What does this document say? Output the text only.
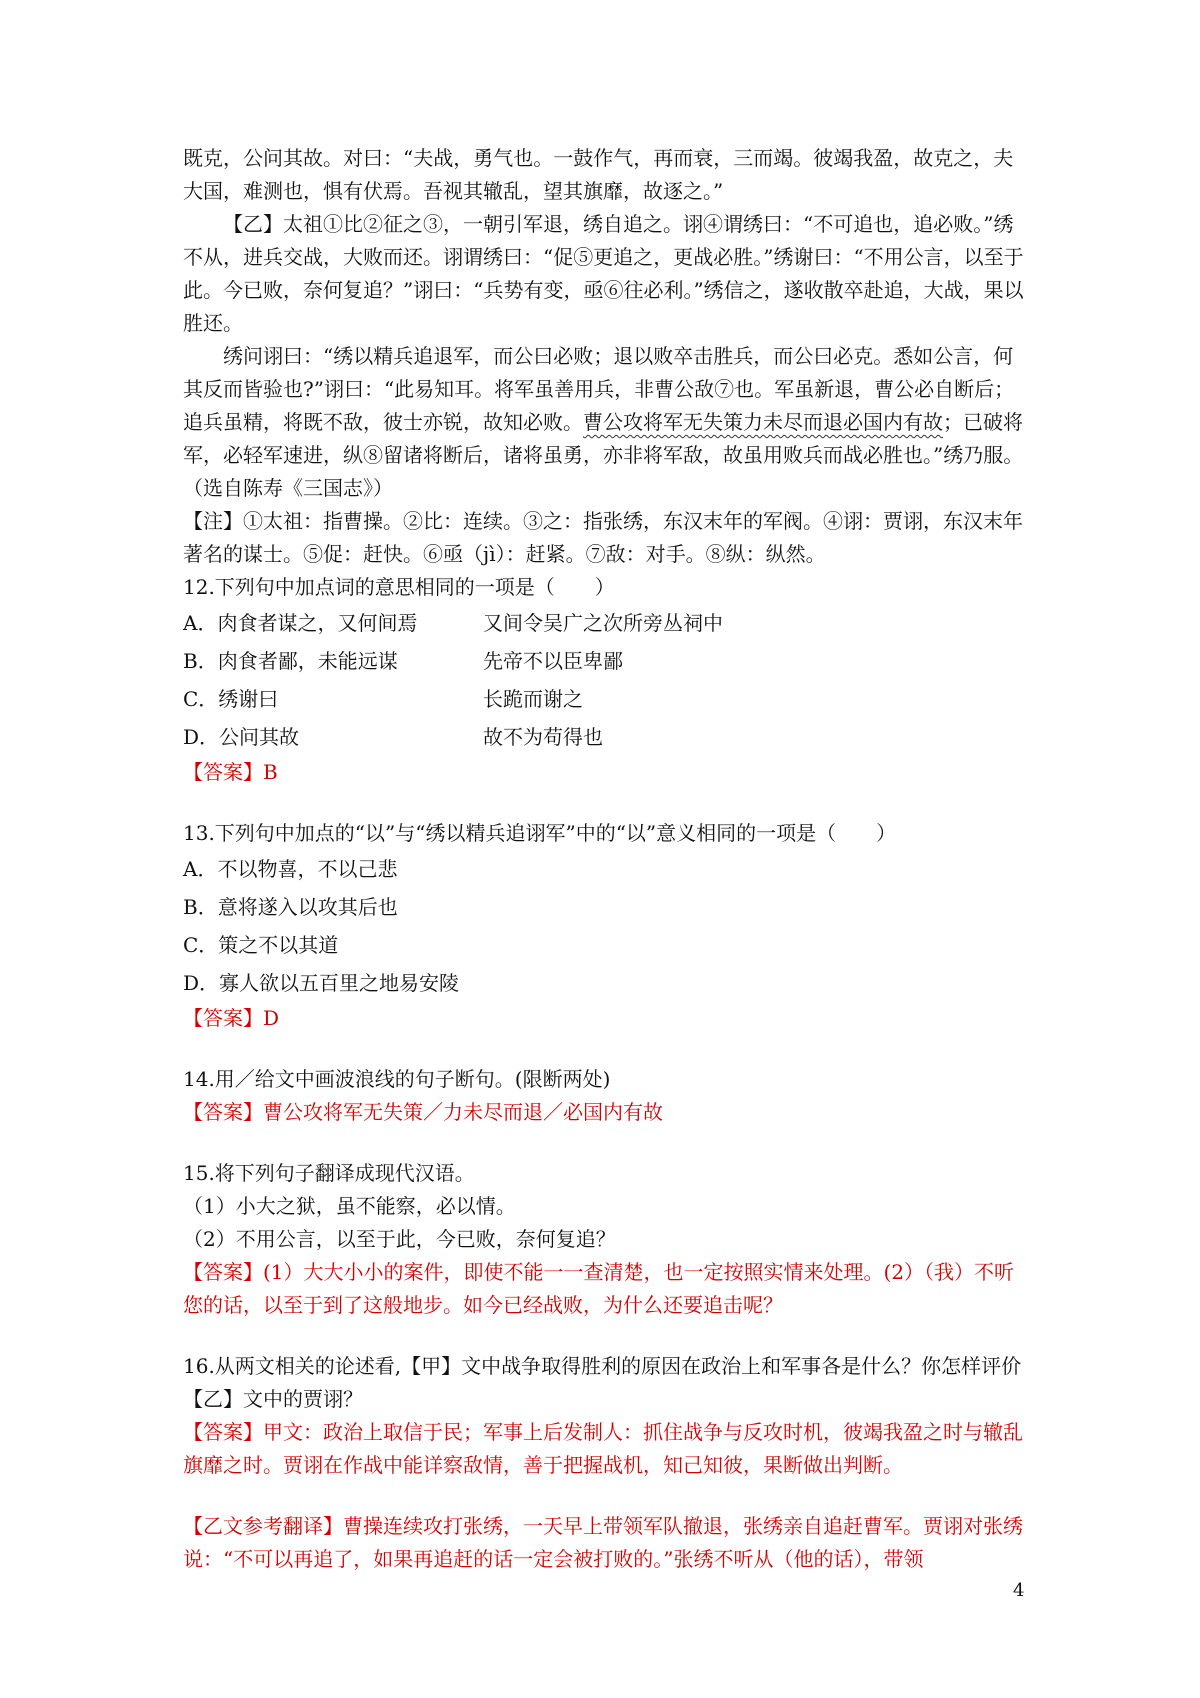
既克，公问其故。对曰：“夫战，勇气也。一鼓作气，再而衰，三而竭。彼竭我盈，故克之，夫大国，难测也，惧有伏焉。吾视其辙乱，望其旗靡，故逐之。”

【乙】太祖①比②征之③，一朝引军退，绣自追之。诩④谓绣曰：“不可追也，追必败。”绣不从，进兵交战，大败而还。诩谓绣曰：“促⑤更追之，更战必胜。”绣谢曰：“不用公言，以至于此。今已败，奈何复追？”诩曰：“兵势有变，亟⑥往必利。”绣信之，遂收散卒赴追，大战，果以胜还。

绣问诩曰：“绣以精兵追退军，而公曰必败；退以败卒击胜兵，而公曰必克。悉如公言，何其反而皆验也?”诩曰：“此易知耳。将军虽善用兵，非曹公敌⑦也。军虽新退，曹公必自断后；追兵虽精，将既不敌，彼士亦锐，故知必败。曹公攻将军无失策力未尽而退必国内有故；已破将军，必轻军速进，纵⑧留诸将断后，诸将虽勇，亦非将军敌，故虽用败兵而战必胜也。”绣乃服。（选自陈寿《三国志》）

【注】①太祖：指曹操。②比：连续。③之：指张绣，东汉末年的军阀。④诩：贾诩，东汉末年著名的谋士。⑤促：赶快。⑥亟（jì）：赶紧。⑦敌：对手。⑧纵：纵然。

12.下列句中加点词的意思相同的一项是（　　）

A．肉食者谋之，又何间焉	又间令吴广之次所旁丛祠中
B．肉食者鄙，未能远谋	先帝不以臣卑鄙
C．绣谢曰	长跪而谢之
D．公问其故	故不为苟得也

【答案】B

13.下列句中加点的“以”与“绣以精兵追诩军”中的“以”意义相同的一项是（　　）

A．不以物喜，不以己悲
B．意将遂入以攻其后也
C．策之不以其道
D．寡人欲以五百里之地易安陵

【答案】D

14.用／给文中画波浪线的句子断句。(限断两处)

【答案】曹公攻将军无失策／力未尽而退／必国内有故

15.将下列句子翻译成现代汉语。

（1）小大之狱，虽不能察，必以情。

（2）不用公言，以至于此，今已败，奈何复追？

【答案】(1）大大小小的案件，即使不能一一查清楚，也一定按照实情来处理。(2）（我）不听您的话，以至于到了这般地步。如今已经战败，为什么还要追击呢？

16.从两文相关的论述看,【甲】文中战争取得胜利的原因在政治上和军事各是什么？你怎样评价【乙】文中的贾诩？

【答案】甲文：政治上取信于民；军事上后发制人：抓住战争与反攻时机，彼竭我盈之时与辙乱旗靡之时。贾诩在作战中能详察敌情，善于把握战机，知己知彼，果断做出判断。

【乙文参考翻译】曹操连续攻打张绣，一天早上带领军队撤退，张绣亲自追赶曹军。贾诩对张绣说：“不可以再追了，如果再追赶的话一定会被打败的。”张绣不听从（他的话），带领

4
